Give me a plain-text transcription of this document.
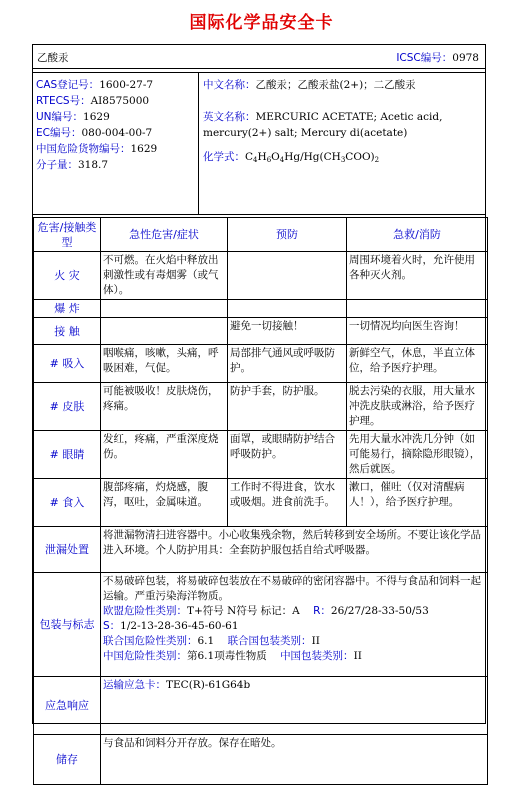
国际化学品安全卡
乙酸汞	ICSC编号：0978
CAS登记号：1600-27-7
RTECS号：AI8575000
UN编号：1629
EC编号：080-004-00-7
中国危险货物编号：1629
分子量：318.7
中文名称：乙酸汞；乙酸汞盐(2+)；二乙酸汞
英文名称：MERCURIC ACETATE; Acetic acid, mercury(2+) salt; Mercury di(acetate)
化学式：$C_4H_6O_4Hg/Hg(CH_3COO)_2$
危害/接触类型	急性危害/症状	预防	急救/消防
火 灾	不可燃。在火焰中释放出刺激性或有毒烟雾（或气体）。		周围环境着火时，允许使用各种灭火剂。
爆 炸			
接 触		避免一切接触！	一切情况均向医生咨询！
# 吸入	咽喉痛，咳嗽，头痛，呼吸困难，气促。	局部排气通风或呼吸防护。	新鲜空气，休息，半直立体位，给予医疗护理。
# 皮肤	可能被吸收！皮肤烧伤，疼痛。	防护手套，防护服。	脱去污染的衣服，用大量水冲洗皮肤或淋浴，给予医疗护理。
# 眼睛	发红，疼痛，严重深度烧伤。	面罩，或眼睛防护结合呼吸防护。	先用大量水冲洗几分钟（如可能易行，摘除隐形眼镜），然后就医。
# 食入	腹部疼痛，灼烧感，腹泻，呕吐，金属味道。	工作时不得进食，饮水或吸烟。进食前洗手。	漱口，催吐（仅对清醒病人！），给予医疗护理。
泄漏处置	将泄漏物清扫进容器中。小心收集残余物，然后转移到安全场所。不要让该化学品进入环境。个人防护用具：全套防护服包括自给式呼吸器。		
包装与标志	不易破碎包装，将易破碎包装放在不易破碎的密闭容器中。不得与食品和饲料一起运输。严重污染海洋物质。
欧盟危险性类别：T+符号 N符号 标记：A R：26/27/28-33-50/53
S：1/2-13-28-36-45-60-61
联合国危险性类别：6.1 联合国包装类别：II
中国危险性类别：第6.1项毒性物质 中国包装类别：II		

应急响应	运输应急卡：TEC(R)-61G64b		
储存	与食品和饲料分开存放。保存在暗处。		
